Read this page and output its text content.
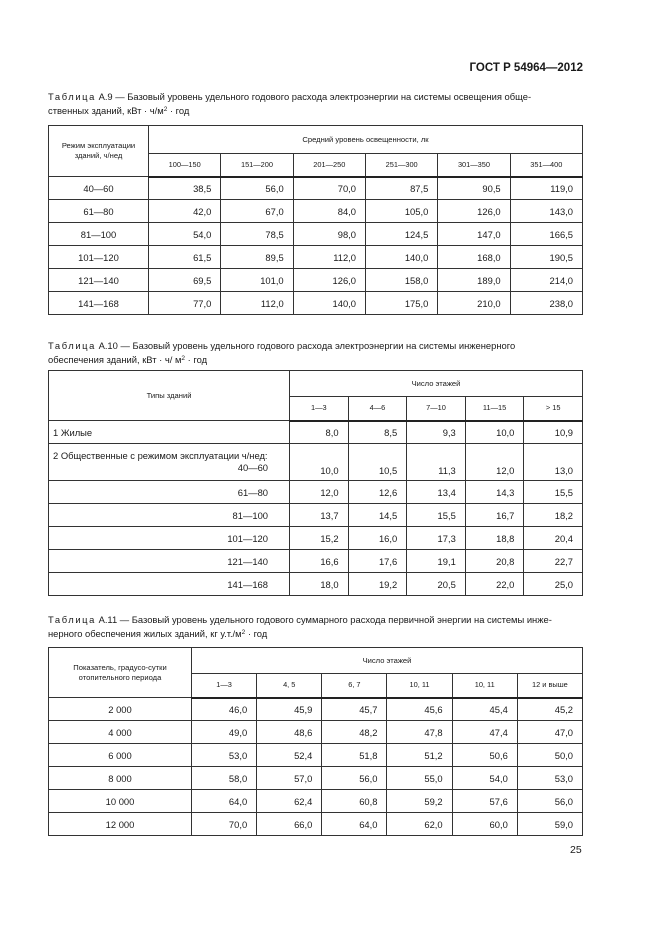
ГОСТ Р 54964—2012
Таблица А.9 — Базовый уровень удельного годового расхода электроэнергии на системы освещения обще-
ственных зданий, кВт · $ч/м^2$ · год
Режим эксплуатации зданий, ч/нед	Средний уровень освещенности, лк					
	100—150	151—200	201—250	251—300	301—350	351—400
40—60	38,5	56,0	70,0	87,5	90,5	119,0
61—80	42,0	67,0	84,0	105,0	126,0	143,0
81—100	54,0	78,5	98,0	124,5	147,0	166,5
101—120	61,5	89,5	112,0	140,0	168,0	190,5
121—140	69,5	101,0	126,0	158,0	189,0	214,0
141—168	77,0	112,0	140,0	175,0	210,0	238,0
Таблица А.10 — Базовый уровень удельного годового расхода электроэнергии на системы инженерного
обеспечения зданий, кВт · ч/ $м^2$ · год
Типы зданий	Число этажей				
	1—3	4—6	7—10	11—15	> 15
1 Жилые	8,0	8,5	9,3	10,0	10,9
2 Общественные с режимом эксплуатации ч/нед:
40—60	10,0	10,5	11,3	12,0	13,0
61—80	12,0	12,6	13,4	14,3	15,5
81—100	13,7	14,5	15,5	16,7	18,2
101—120	15,2	16,0	17,3	18,8	20,4
121—140	16,6	17,6	19,1	20,8	22,7
141—168	18,0	19,2	20,5	22,0	25,0
Таблица А.11 — Базовый уровень удельного годового суммарного расхода первичной энергии на системы инже-
нерного обеспечения жилых зданий, кг $у.т./м^2$ · год
Показатель, градусо-сутки отопительного периода	Число этажей					
	1—3	4, 5	6, 7	10, 11	10, 11	12 и выше
2 000	46,0	45,9	45,7	45,6	45,4	45,2
4 000	49,0	48,6	48,2	47,8	47,4	47,0
6 000	53,0	52,4	51,8	51,2	50,6	50,0
8 000	58,0	57,0	56,0	55,0	54,0	53,0
10 000	64,0	62,4	60,8	59,2	57,6	56,0
12 000	70,0	66,0	64,0	62,0	60,0	59,0
25
